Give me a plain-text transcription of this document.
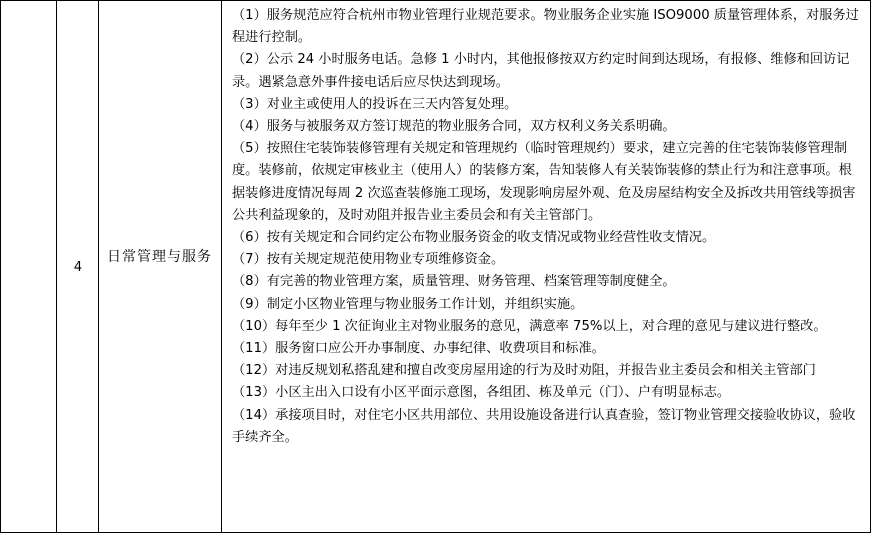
4
日常管理与服务

（1）服务规范应符合杭州市物业管理行业规范要求。物业服务企业实施 ISO9000 质量管理体系，对服务过程进行控制。

（2）公示 24 小时服务电话。急修 1 小时内，其他报修按双方约定时间到达现场，有报修、维修和回访记录。遇紧急意外事件接电话后应尽快达到现场。

（3）对业主或使用人的投诉在三天内答复处理。

（4）服务与被服务双方签订规范的物业服务合同，双方权利义务关系明确。

（5）按照住宅装饰装修管理有关规定和管理规约（临时管理规约）要求，建立完善的住宅装饰装修管理制度。装修前，依规定审核业主（使用人）的装修方案，告知装修人有关装饰装修的禁止行为和注意事项。根据装修进度情况每周 2 次巡查装修施工现场，发现影响房屋外观、危及房屋结构安全及拆改共用管线等损害公共利益现象的，及时劝阻并报告业主委员会和有关主管部门。

（6）按有关规定和合同约定公布物业服务资金的收支情况或物业经营性收支情况。

（7）按有关规定规范使用物业专项维修资金。

（8）有完善的物业管理方案，质量管理、财务管理、档案管理等制度健全。

（9）制定小区物业管理与物业服务工作计划，并组织实施。

（10）每年至少 1 次征询业主对物业服务的意见，满意率 75%以上，对合理的意见与建议进行整改。

（11）服务窗口应公开办事制度、办事纪律、收费项目和标准。

（12）对违反规划私搭乱建和擅自改变房屋用途的行为及时劝阻，并报告业主委员会和相关主管部门

（13）小区主出入口设有小区平面示意图，各组团、栋及单元（门）、户有明显标志。

（14）承接项目时，对住宅小区共用部位、共用设施设备进行认真查验，签订物业管理交接验收协议，验收手续齐全。
